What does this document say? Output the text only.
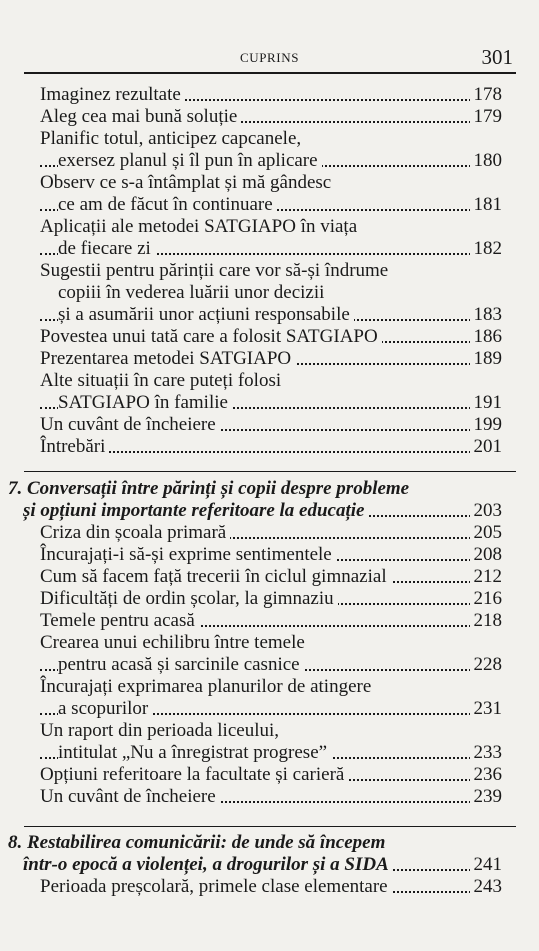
CUPRINS	301
Imaginez rezultate	178
Aleg cea mai bună soluție	179
Planific totul, anticipez capcanele,
exersez planul și îl pun în aplicare	180
Observ ce s-a întâmplat și mă gândesc
ce am de făcut în continuare	181
Aplicații ale metodei SATGIAPO în viața
de fiecare zi	182
Sugestii pentru părinții care vor să-și îndrume
copiii în vederea luării unor decizii
și a asumării unor acțiuni responsabile	183
Povestea unui tată care a folosit SATGIAPO	186
Prezentarea metodei SATGIAPO	189
Alte situații în care puteți folosi
SATGIAPO în familie	191
Un cuvânt de încheiere	199
Întrebări	201
7. Conversații între părinți și copii despre probleme
și opțiuni importante referitoare la educație	203
Criza din școala primară	205
Încurajați-i să-și exprime sentimentele	208
Cum să facem față trecerii în ciclul gimnazial	212
Dificultăți de ordin școlar, la gimnaziu	216
Temele pentru acasă	218
Crearea unui echilibru între temele
pentru acasă și sarcinile casnice	228
Încurajați exprimarea planurilor de atingere
a scopurilor	231
Un raport din perioada liceului,
intitulat „Nu a înregistrat progrese”	233
Opțiuni referitoare la facultate și carieră	236
Un cuvânt de încheiere	239
8. Restabilirea comunicării: de unde să începem
într-o epocă a violenței, a drogurilor și a SIDA	241
Perioada preșcolară, primele clase elementare	243
